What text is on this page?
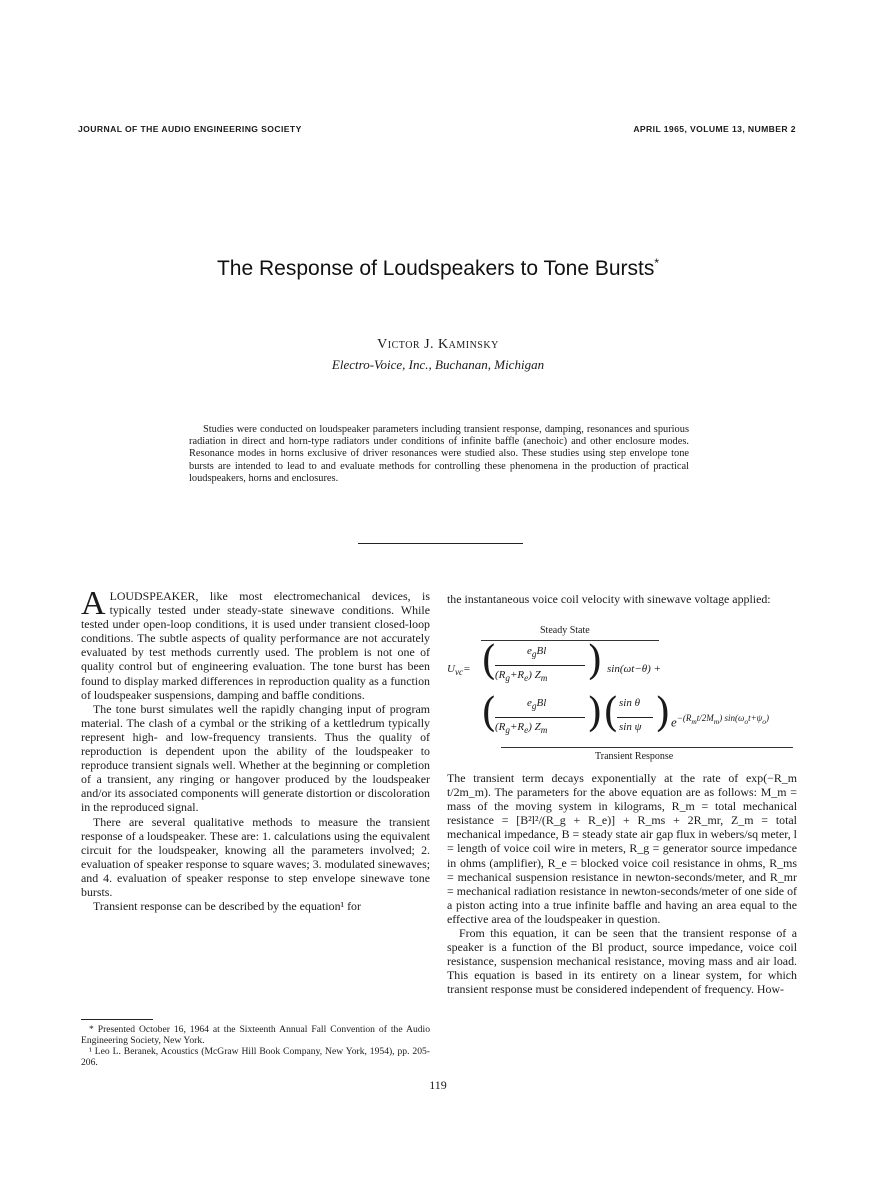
JOURNAL OF THE AUDIO ENGINEERING SOCIETY	APRIL 1965, VOLUME 13, NUMBER 2
The Response of Loudspeakers to Tone Bursts*
Victor J. Kaminsky
Electro-Voice, Inc., Buchanan, Michigan
Studies were conducted on loudspeaker parameters including transient response, damping, resonances and spurious radiation in direct and horn-type radiators under conditions of infinite baffle (anechoic) and other enclosure modes. Resonance modes in horns exclusive of driver resonances were studied also. These studies using step envelope tone bursts are intended to lead to and evaluate methods for controlling these phenomena in the production of practical loudspeakers, horns and enclosures.

ALOUDSPEAKER, like most electromechanical devices, is typically tested under steady-state sinewave conditions. While tested under open-loop conditions, it is used under transient closed-loop conditions. The subtle aspects of quality performance are not accurately evaluated by test methods currently used. The problem is not one of quality control but of engineering evaluation. The tone burst has been found to display marked differences in reproduction quality as a function of loudspeaker suspensions, damping and baffle conditions.

The tone burst simulates well the rapidly changing input of program material. The clash of a cymbal or the striking of a kettledrum typically represent high- and low-frequency transients. Thus the quality of reproduction is dependent upon the ability of the loudspeaker to reproduce transient signals well. Whether at the beginning or completion of a transient, any ringing or hangover produced by the loudspeaker and/or its associated components will generate distortion or discoloration in the reproduced signal.

There are several qualitative methods to measure the transient response of a loudspeaker. These are: 1. calculations using the equivalent circuit for the loudspeaker, knowing all the parameters involved; 2. evaluation of speaker response to square waves; 3. modulated sinewaves; and 4. evaluation of speaker response to step envelope sinewave tone bursts.

Transient response can be described by the equation¹ for

* Presented October 16, 1964 at the Sixteenth Annual Fall Convention of the Audio Engineering Society, New York.

¹ Leo L. Beranek, Acoustics (McGraw Hill Book Company, New York, 1954), pp. 205-206.

the instantaneous voice coil velocity with sinewave voltage applied:

Steady State
$U_{vc}=$ (	$e_gBl$
$(R_g+R_e)$ $Z_m$ ) sin(ωt−θ) +
(	$e_gBl$
$(R_g+R_e)$ $Z_m$ ) ( sin θ
sin ψ ) $e^{-(R_mt/2M_m) sin(\omega_ot+\psi_o)}$
Transient Response

The transient term decays exponentially at the rate of exp(−R_m t/2m_m). The parameters for the above equation are as follows: M_m = mass of the moving system in kilograms, R_m = total mechanical resistance = [B²l²/(R_g + R_e)] + R_ms + 2R_mr, Z_m = total mechanical impedance, B = steady state air gap flux in webers/sq meter, l = length of voice coil wire in meters, R_g = generator source impedance in ohms (amplifier), R_e = blocked voice coil resistance in ohms, R_ms = mechanical suspension resistance in newton-seconds/meter, and R_mr = mechanical radiation resistance in newton-seconds/meter of one side of a piston acting into a true infinite baffle and having an area equal to the effective area of the loudspeaker in question.

From this equation, it can be seen that the transient response of a speaker is a function of the Bl product, source impedance, voice coil resistance, suspension mechanical resistance, moving mass and air load. This equation is based in its entirety on a linear system, for which transient response must be considered independent of frequency. How-

119
